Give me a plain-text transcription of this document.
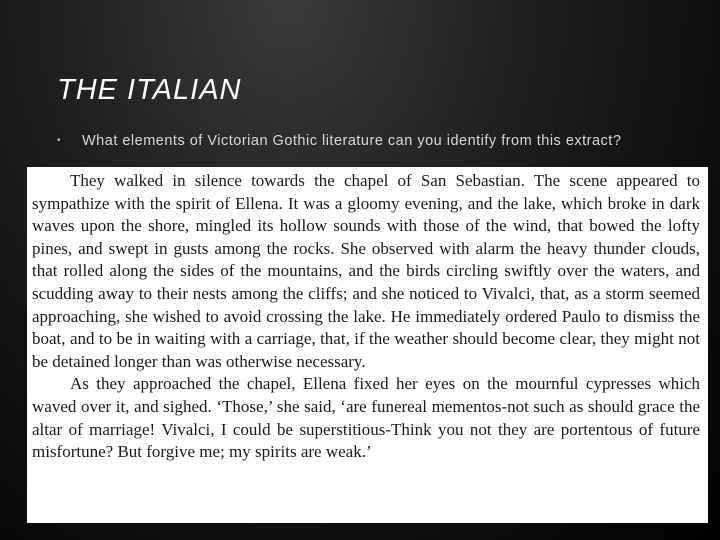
THE ITALIAN
• What elements of Victorian Gothic literature can you identify from this extract?

They walked in silence towards the chapel of San Sebastian. The scene appeared to sympathize with the spirit of Ellena. It was a gloomy evening, and the lake, which broke in dark waves upon the shore, mingled its hollow sounds with those of the wind, that bowed the lofty pines, and swept in gusts among the rocks. She observed with alarm the heavy thunder clouds, that rolled along the sides of the mountains, and the birds circling swiftly over the waters, and scudding away to their nests among the cliffs; and she noticed to Vivalci, that, as a storm seemed approaching, she wished to avoid crossing the lake. He immediately ordered Paulo to dismiss the boat, and to be in waiting with a carriage, that, if the weather should become clear, they might not be detained longer than was otherwise necessary.

As they approached the chapel, Ellena fixed her eyes on the mournful cypresses which waved over it, and sighed. ‘Those,’ she said, ‘are funereal mementos-not such as should grace the altar of marriage! Vivalci, I could be superstitious-Think you not they are portentous of future misfortune? But forgive me; my spirits are weak.’
